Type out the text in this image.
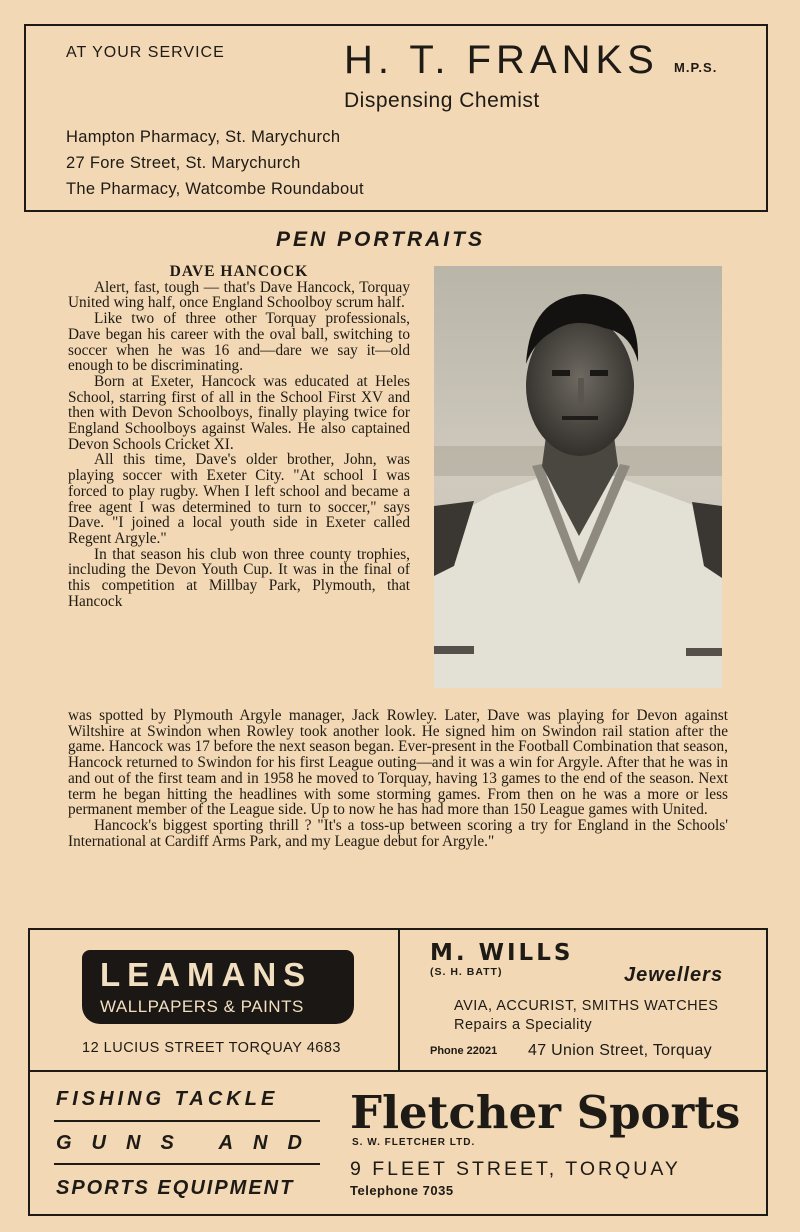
AT YOUR SERVICE	H. T. FRANKS M.P.S.
Dispensing Chemist
Hampton Pharmacy, St. Marychurch
27 Fore Street, St. Marychurch
The Pharmacy, Watcombe Roundabout
PEN PORTRAITS

DAVE HANCOCK

Alert, fast, tough — that's Dave Hancock, Torquay United wing half, once England Schoolboy scrum half.

Like two of three other Torquay professionals, Dave began his career with the oval ball, switching to soccer when he was 16 and—dare we say it—old enough to be discriminating.

Born at Exeter, Hancock was educated at Heles School, starring first of all in the School First XV and then with Devon Schoolboys, finally playing twice for England Schoolboys against Wales. He also captained Devon Schools Cricket XI.

All this time, Dave's older brother, John, was playing soccer with Exeter City. "At school I was forced to play rugby. When I left school and became a free agent I was determined to turn to soccer," says Dave. "I joined a local youth side in Exeter called Regent Argyle."

In that season his club won three county trophies, including the Devon Youth Cup. It was in the final of this competition at Millbay Park, Plymouth, that Hancock

was spotted by Plymouth Argyle manager, Jack Rowley. Later, Dave was playing for Devon against Wiltshire at Swindon when Rowley took another look. He signed him on Swindon rail station after the game. Hancock was 17 before the next season began. Ever-present in the Football Combination that season, Hancock returned to Swindon for his first League outing—and it was a win for Argyle. After that he was in and out of the first team and in 1958 he moved to Torquay, having 13 games to the end of the season. Next term he began hitting the headlines with some storming games. From then on he was a more or less permanent member of the League side. Up to now he has had more than 150 League games with United.

Hancock's biggest sporting thrill ? "It's a toss-up between scoring a try for England in the Schools' International at Cardiff Arms Park, and my League debut for Argyle."

LEAMANS
WALLPAPERS & PAINTS
12 LUCIUS STREET TORQUAY 4683
M. WILLS
(S. H. BATT)	Jewellers
AVIA, ACCURIST, SMITHS WATCHES
Repairs a Speciality
Phone 22021 47 Union Street, Torquay
FISHING TACKLE
GUNS AND
SPORTS EQUIPMENT
Fletcher Sports
S. W. FLETCHER LTD.
9 FLEET STREET, TORQUAY
Telephone 7035
